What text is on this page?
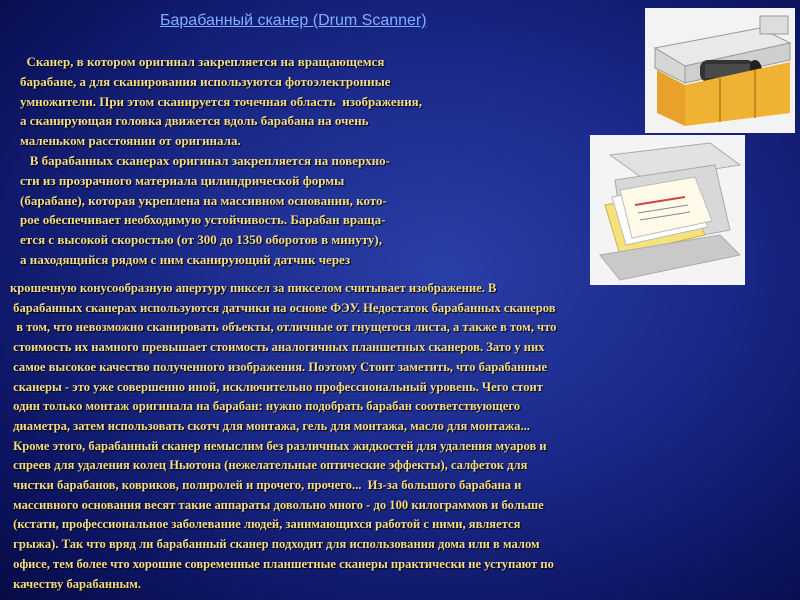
Барабанный сканер (Drum Scanner)
Сканер, в котором оригинал закрепляется на вращающемся
барабане, а для сканирования используются фотоэлектронные
умножители. При этом сканируется точечная область  изображения,
а сканирующая головка движется вдоль барабана на очень
маленьком расстоянии от оригинала.
В барабанных сканерах оригинал закрепляется на поверхно-
сти из прозрачного материала цилиндрической формы
(барабане), которая укреплена на массивном основании, кото-
рое обеспечивает необходимую устойчивость. Барабан враща-
ется с высокой скоростью (от 300 до 1350 оборотов в минуту),
а находящийся рядом с ним сканирующий датчик через
крошечную конусообразную апертуру пиксел за пикселом считывает изображение. В
барабанных сканерах используются датчики на основе ФЭУ. Недостаток барабанных сканеров
в том, что невозможно сканировать объекты, отличные от гнущегося листа, а также в том, что
стоимость их намного превышает стоимость аналогичных планшетных сканеров. Зато у них
самое высокое качество полученного изображения. Поэтому Стоит заметить, что барабанные
сканеры - это уже совершенно иной, исключительно профессиональный уровень. Чего стоит
один только монтаж оригинала на барабан: нужно подобрать барабан соответствующего
диаметра, затем использовать скотч для монтажа, гель для монтажа, масло для монтажа...
Кроме этого, барабанный сканер немыслим без различных жидкостей для удаления муаров и
спреев для удаления колец Ньютона (нежелательные оптические эффекты), салфеток для
чистки барабанов, ковриков, полиролей и прочего, прочего...  Из-за большого барабана и
массивного основания весят такие аппараты довольно много - до 100 килограммов и больше
(кстати, профессиональное заболевание людей, занимающихся работой с ними, является
грыжа). Так что вряд ли барабанный сканер подходит для использования дома или в малом
офисе, тем более что хорошие современные планшетные сканеры практически не уступают по
качеству барабанным.
